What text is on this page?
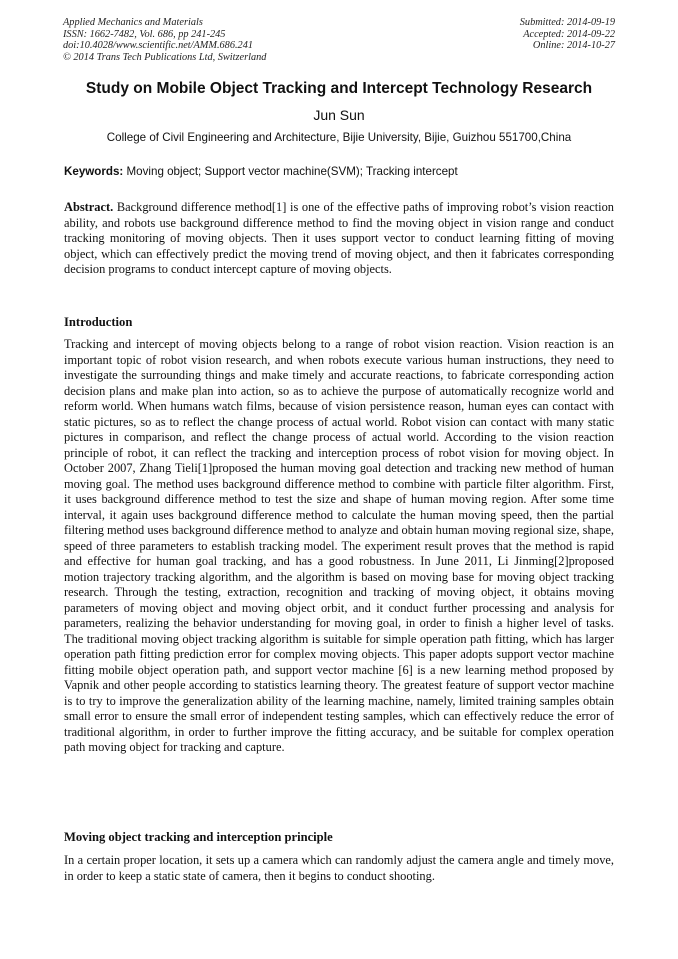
Applied Mechanics and Materials
ISSN: 1662-7482, Vol. 686, pp 241-245
doi:10.4028/www.scientific.net/AMM.686.241
© 2014 Trans Tech Publications Ltd, Switzerland
Submitted: 2014-09-19
Accepted: 2014-09-22
Online: 2014-10-27
Study on Mobile Object Tracking and Intercept Technology Research
Jun Sun
College of Civil Engineering and Architecture, Bijie University, Bijie, Guizhou 551700,China
Keywords: Moving object; Support vector machine(SVM); Tracking intercept
Abstract. Background difference method[1] is one of the effective paths of improving robot’s vision reaction ability, and robots use background difference method to find the moving object in vision range and conduct tracking monitoring of moving objects. Then it uses support vector to conduct learning fitting of moving object, which can effectively predict the moving trend of moving object, and then it fabricates corresponding decision programs to conduct intercept capture of moving objects.
Introduction
Tracking and intercept of moving objects belong to a range of robot vision reaction. Vision reaction is an important topic of robot vision research, and when robots execute various human instructions, they need to investigate the surrounding things and make timely and accurate reactions, to fabricate corresponding action decision plans and make plan into action, so as to achieve the purpose of automatically recognize world and reform world. When humans watch films, because of vision persistence reason, human eyes can contact with static pictures, so as to reflect the change process of actual world. Robot vision can contact with many static pictures in comparison, and reflect the change process of actual world. According to the vision reaction principle of robot, it can reflect the tracking and interception process of robot vision for moving object. In October 2007, Zhang Tieli[1]proposed the human moving goal detection and tracking new method of human moving goal. The method uses background difference method to combine with particle filter algorithm. First, it uses background difference method to test the size and shape of human moving region. After some time interval, it again uses background difference method to calculate the human moving speed, then the partial filtering method uses background difference method to analyze and obtain human moving regional size, shape, speed of three parameters to establish tracking model. The experiment result proves that the method is rapid and effective for human goal tracking, and has a good robustness. In June 2011, Li Jinming[2]proposed motion trajectory tracking algorithm, and the algorithm is based on moving base for moving object tracking research. Through the testing, extraction, recognition and tracking of moving object, it obtains moving parameters of moving object and moving object orbit, and it conduct further processing and analysis for parameters, realizing the behavior understanding for moving goal, in order to finish a higher level of tasks. The traditional moving object tracking algorithm is suitable for simple operation path fitting, which has larger operation path fitting prediction error for complex moving objects. This paper adopts support vector machine fitting mobile object operation path, and support vector machine [6] is a new learning method proposed by Vapnik and other people according to statistics learning theory. The greatest feature of support vector machine is to try to improve the generalization ability of the learning machine, namely, limited training samples obtain small error to ensure the small error of independent testing samples, which can effectively reduce the error of traditional algorithm, in order to further improve the fitting accuracy, and be suitable for complex operation path moving object for tracking and capture.
Moving object tracking and interception principle
In a certain proper location, it sets up a camera which can randomly adjust the camera angle and timely move, in order to keep a static state of camera, then it begins to conduct shooting.
